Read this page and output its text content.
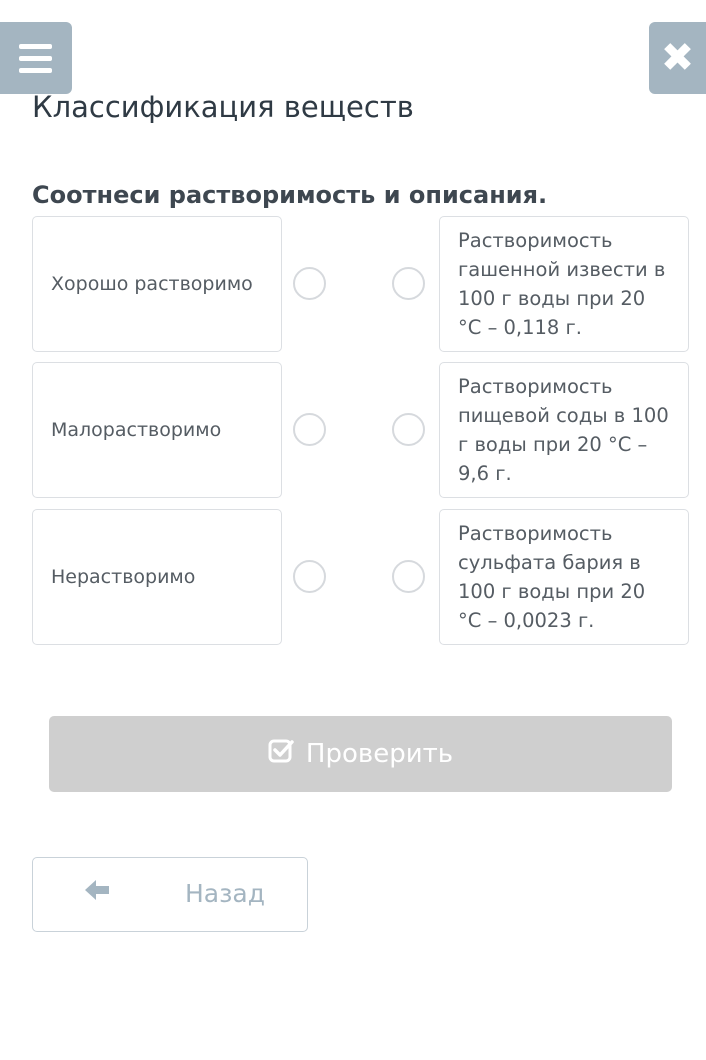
✖
Классификация веществ
Соотнеси растворимость и описания.
Хорошо растворимо
Малорастворимо
Нерастворимо
Растворимость гашенной извести в 100 г воды при 20 °С – 0,118 г.
Растворимость пищевой соды в 100 г воды при 20 °С – 9,6 г.
Растворимость сульфата бария в 100 г воды при 20 °С – 0,0023 г.
Проверить
Назад
